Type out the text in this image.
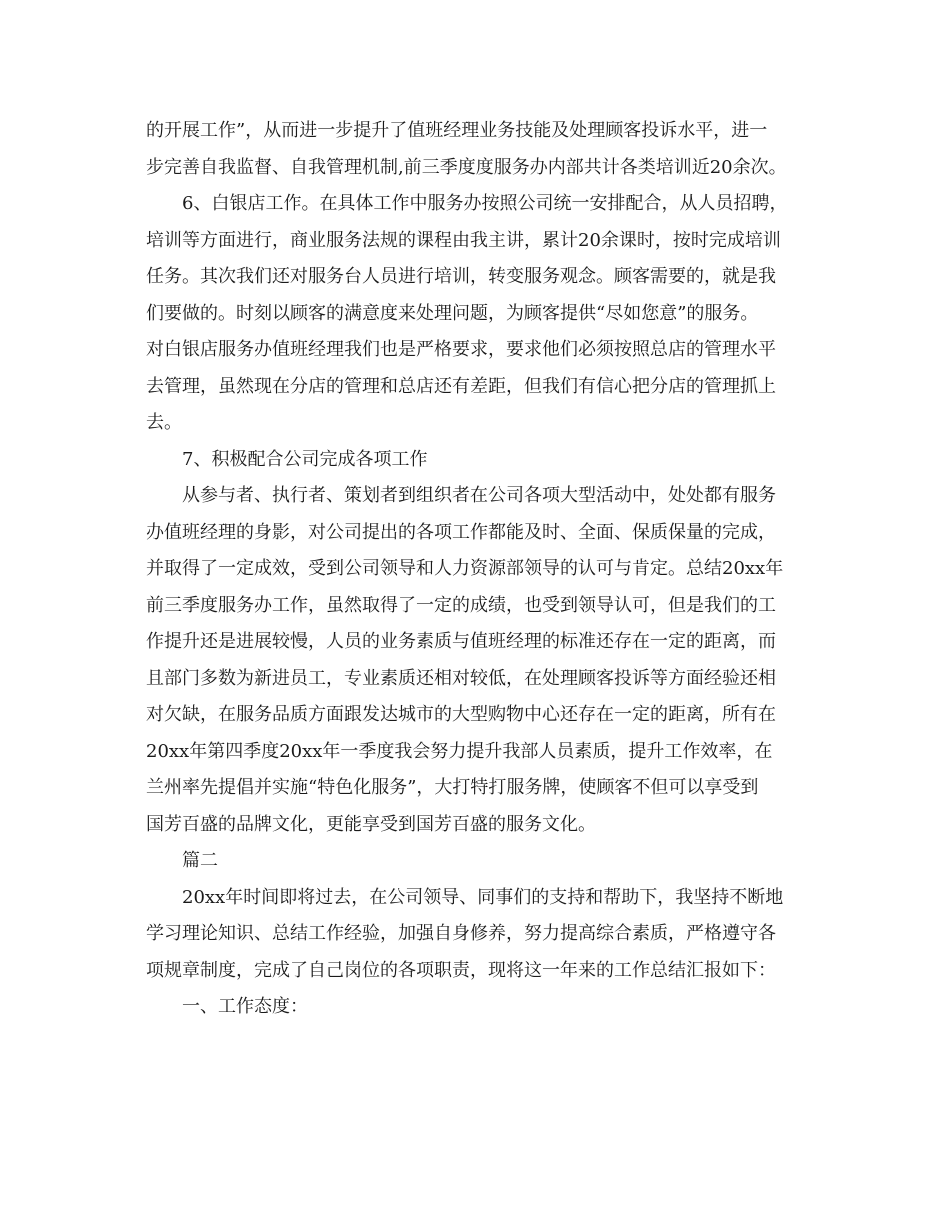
的开展工作”，从而进一步提升了值班经理业务技能及处理顾客投诉水平，进一
步完善自我监督、自我管理机制,前三季度度服务办内部共计各类培训近20余次。
6、白银店工作。在具体工作中服务办按照公司统一安排配合，从人员招聘，
培训等方面进行，商业服务法规的课程由我主讲，累计20余课时，按时完成培训
任务。其次我们还对服务台人员进行培训，转变服务观念。顾客需要的，就是我
们要做的。时刻以顾客的满意度来处理问题，为顾客提供“尽如您意”的服务。
对白银店服务办值班经理我们也是严格要求，要求他们必须按照总店的管理水平
去管理，虽然现在分店的管理和总店还有差距，但我们有信心把分店的管理抓上
去。
7、积极配合公司完成各项工作
从参与者、执行者、策划者到组织者在公司各项大型活动中，处处都有服务
办值班经理的身影，对公司提出的各项工作都能及时、全面、保质保量的完成，
并取得了一定成效，受到公司领导和人力资源部领导的认可与肯定。总结20xx年
前三季度服务办工作，虽然取得了一定的成绩，也受到领导认可，但是我们的工
作提升还是进展较慢，人员的业务素质与值班经理的标准还存在一定的距离，而
且部门多数为新进员工，专业素质还相对较低，在处理顾客投诉等方面经验还相
对欠缺，在服务品质方面跟发达城市的大型购物中心还存在一定的距离，所有在
20xx年第四季度20xx年一季度我会努力提升我部人员素质，提升工作效率，在
兰州率先提倡并实施“特色化服务”，大打特打服务牌，使顾客不但可以享受到
国芳百盛的品牌文化，更能享受到国芳百盛的服务文化。
篇二
20xx年时间即将过去，在公司领导、同事们的支持和帮助下，我坚持不断地
学习理论知识、总结工作经验，加强自身修养，努力提高综合素质，严格遵守各
项规章制度，完成了自己岗位的各项职责，现将这一年来的工作总结汇报如下：
一、工作态度：
